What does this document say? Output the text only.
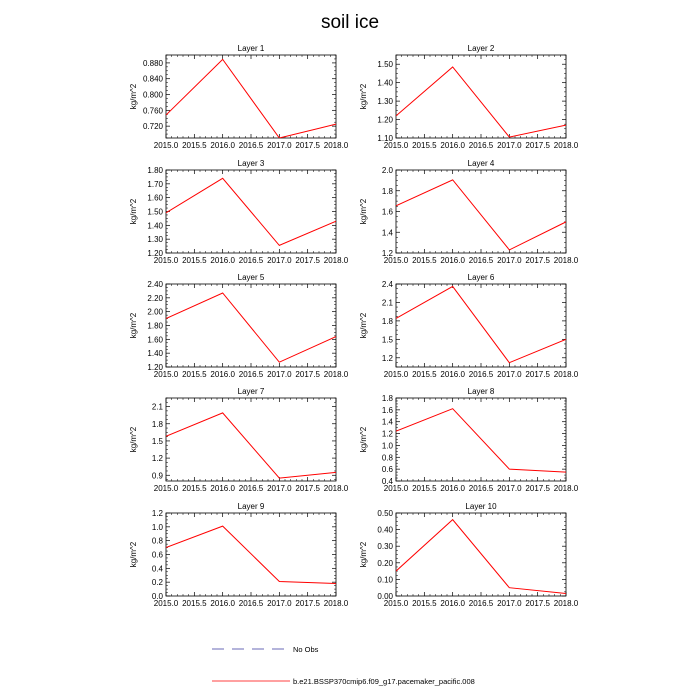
soil ice
Layer 1
2015.0 2015.5 2016.0 2016.5 2017.0 2017.5 2018.0
0.720
0.760
0.800
0.840
0.880
kg/m^2
Layer 2
2015.0 2015.5 2016.0 2016.5 2017.0 2017.5 2018.0
1.10
1.20
1.30
1.40
1.50
kg/m^2
Layer 3
2015.0 2015.5 2016.0 2016.5 2017.0 2017.5 2018.0
1.20
1.30
1.40
1.50
1.60
1.70
1.80
kg/m^2
Layer 4
2015.0 2015.5 2016.0 2016.5 2017.0 2017.5 2018.0
1.2
1.4
1.6
1.8
2.0
kg/m^2
Layer 5
2015.0 2015.5 2016.0 2016.5 2017.0 2017.5 2018.0
1.20
1.40
1.60
1.80
2.00
2.20
2.40
kg/m^2
Layer 6
2015.0 2015.5 2016.0 2016.5 2017.0 2017.5 2018.0
1.2
1.5
1.8
2.1
2.4
kg/m^2
Layer 7
2015.0 2015.5 2016.0 2016.5 2017.0 2017.5 2018.0
0.9
1.2
1.5
1.8
2.1
kg/m^2
Layer 8
2015.0 2015.5 2016.0 2016.5 2017.0 2017.5 2018.0
0.4
0.6
0.8
1.0
1.2
1.4
1.6
1.8
kg/m^2
Layer 9
2015.0 2015.5 2016.0 2016.5 2017.0 2017.5 2018.0
0.0
0.2
0.4
0.6
0.8
1.0
1.2
kg/m^2
Layer 10
2015.0 2015.5 2016.0 2016.5 2017.0 2017.5 2018.0
0.00
0.10
0.20
0.30
0.40
0.50
kg/m^2
No Obs
b.e21.BSSP370cmip6.f09_g17.pacemaker_pacific.008
